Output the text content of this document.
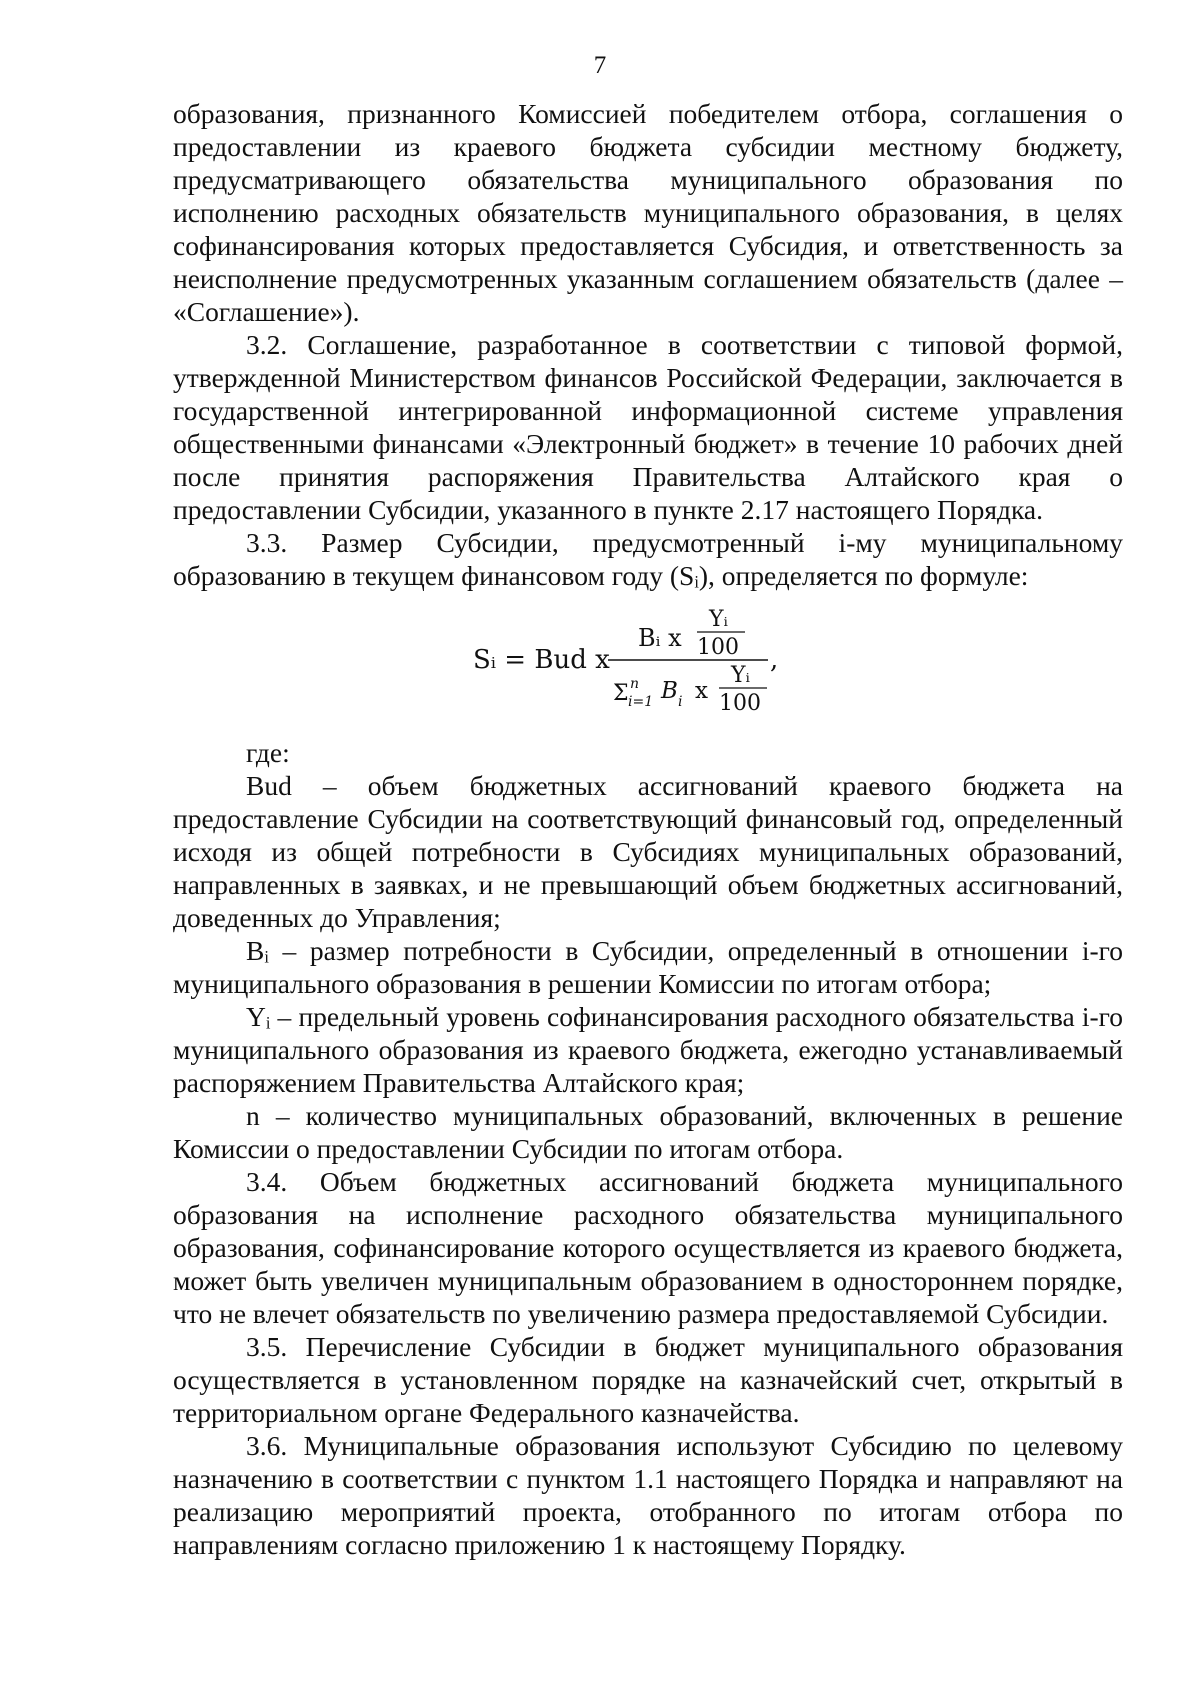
7

образования, признанного Комиссией победителем отбора, соглашения о предоставлении из краевого бюджета субсидии местному бюджету, предусматривающего обязательства муниципального образования по исполнению расходных обязательств муниципального образования, в целях софинансирования которых предоставляется Субсидия, и ответственность за неисполнение предусмотренных указанным соглашением обязательств (далее – «Соглашение»).

3.2. Соглашение, разработанное в соответствии с типовой формой, утвержденной Министерством финансов Российской Федерации, заключается в государственной интегрированной информационной системе управления общественными финансами «Электронный бюджет» в течение 10 рабочих дней после принятия распоряжения Правительства Алтайского края о предоставлении Субсидии, указанного в пункте 2.17 настоящего Порядка.

3.3. Размер Субсидии, предусмотренный i-му муниципальному образованию в текущем финансовом году (Sᵢ), определяется по формуле:

Sᵢ = Bud x
Bᵢ x
Yᵢ
100 ,
Σ n
i=1 B i x
Yᵢ
100

где:

Bud – объем бюджетных ассигнований краевого бюджета на предоставление Субсидии на соответствующий финансовый год, определенный исходя из общей потребности в Субсидиях муниципальных образований, направленных в заявках, и не превышающий объем бюджетных ассигнований, доведенных до Управления;

Bᵢ – размер потребности в Субсидии, определенный в отношении i-го муниципального образования в решении Комиссии по итогам отбора;

Yᵢ – предельный уровень софинансирования расходного обязательства i-го муниципального образования из краевого бюджета, ежегодно устанавливаемый распоряжением Правительства Алтайского края;

n – количество муниципальных образований, включенных в решение Комиссии о предоставлении Субсидии по итогам отбора.

3.4. Объем бюджетных ассигнований бюджета муниципального образования на исполнение расходного обязательства муниципального образования, софинансирование которого осуществляется из краевого бюджета, может быть увеличен муниципальным образованием в одностороннем порядке, что не влечет обязательств по увеличению размера предоставляемой Субсидии.

3.5. Перечисление Субсидии в бюджет муниципального образования осуществляется в установленном порядке на казначейский счет, открытый в территориальном органе Федерального казначейства.

3.6. Муниципальные образования используют Субсидию по целевому назначению в соответствии с пунктом 1.1 настоящего Порядка и направляют на реализацию мероприятий проекта, отобранного по итогам отбора по направлениям согласно приложению 1 к настоящему Порядку.
